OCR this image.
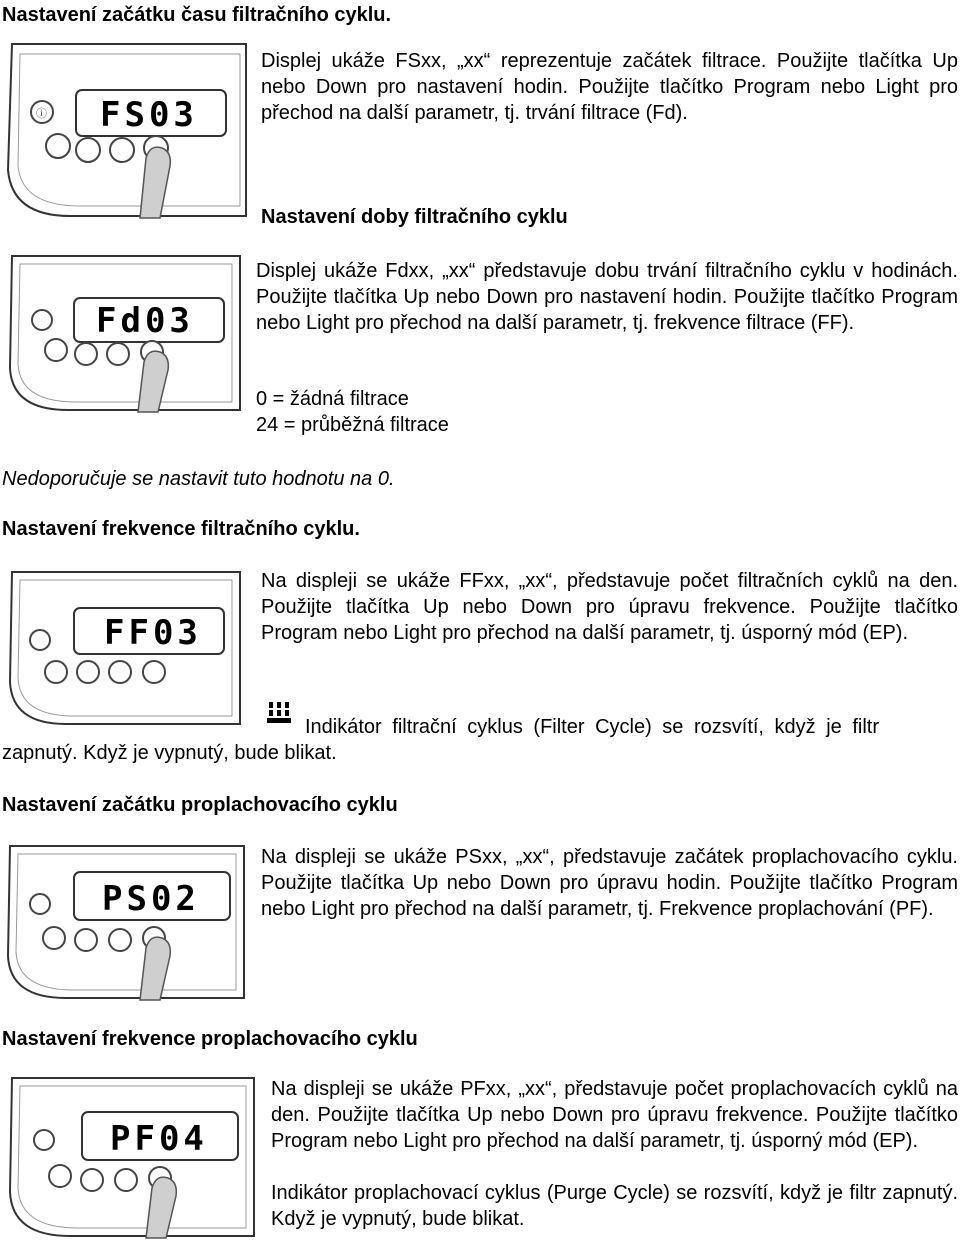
Nastavení začátku času filtračního cyklu.
ⓘ FS03
Displej ukáže FSxx, „xx“ reprezentuje začátek filtrace. Použijte tlačítka Up nebo Down pro nastavení hodin. Použijte tlačítko Program nebo Light pro přechod na další parametr, tj. trvání filtrace (Fd).
Nastavení doby filtračního cyklu
Fd03
Displej ukáže Fdxx, „xx“ představuje dobu trvání filtračního cyklu v hodinách. Použijte tlačítka Up nebo Down pro nastavení hodin. Použijte tlačítko Program nebo Light pro přechod na další parametr, tj. frekvence filtrace (FF).
0 = žádná filtrace
24 = průběžná filtrace
Nedoporučuje se nastavit tuto hodnotu na 0.
Nastavení frekvence filtračního cyklu.
FF03
Na displeji se ukáže FFxx, „xx“, představuje počet filtračních cyklů na den. Použijte tlačítka Up nebo Down pro úpravu frekvence. Použijte tlačítko Program nebo Light pro přechod na další parametr, tj. úsporný mód (EP).
Indikátor filtrační cyklus (Filter Cycle) se rozsvítí, když je filtr
zapnutý. Když je vypnutý, bude blikat.
Nastavení začátku proplachovacího cyklu
PS02
Na displeji se ukáže PSxx, „xx“, představuje začátek proplachovacího cyklu. Použijte tlačítka Up nebo Down pro úpravu hodin. Použijte tlačítko Program nebo Light pro přechod na další parametr, tj. Frekvence proplachování (PF).
Nastavení frekvence proplachovacího cyklu
PF04
Na displeji se ukáže PFxx, „xx“, představuje počet proplachovacích cyklů na den. Použijte tlačítka Up nebo Down pro úpravu frekvence. Použijte tlačítko Program nebo Light pro přechod na další parametr, tj. úsporný mód (EP).
Indikátor proplachovací cyklus (Purge Cycle) se rozsvítí, když je filtr zapnutý. Když je vypnutý, bude blikat.
